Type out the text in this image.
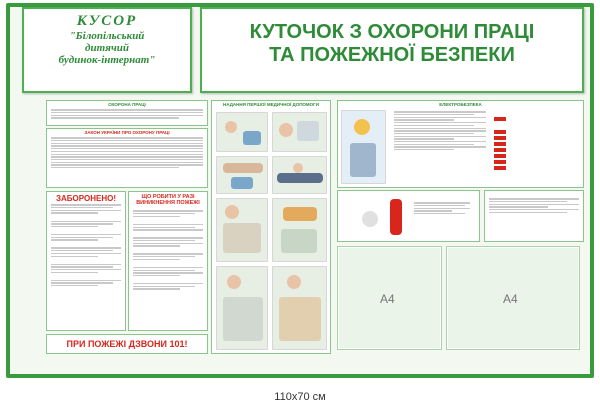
КУСОР
"Білопільський
дитячий
будинок-інтернат"
КУТОЧОК З ОХОРОНИ ПРАЦІ
ТА ПОЖЕЖНОЇ БЕЗПЕКИ
ОХОРОНА ПРАЦІ
ЗАКОН УКРАЇНИ ПРО ОХОРОНУ ПРАЦІ
ЗАБОРОНЕНО!	ЩО РОБИТИ У РАЗІ ВИНИКНЕННЯ ПОЖЕЖІ
ПРИ ПОЖЕЖІ ДЗВОНИ 101!
НАДАННЯ ПЕРШОЇ МЕДИЧНОЇ ДОПОМОГИ	ЕЛЕКТРОБЕЗПЕКА
А4	А4
110x70 см
